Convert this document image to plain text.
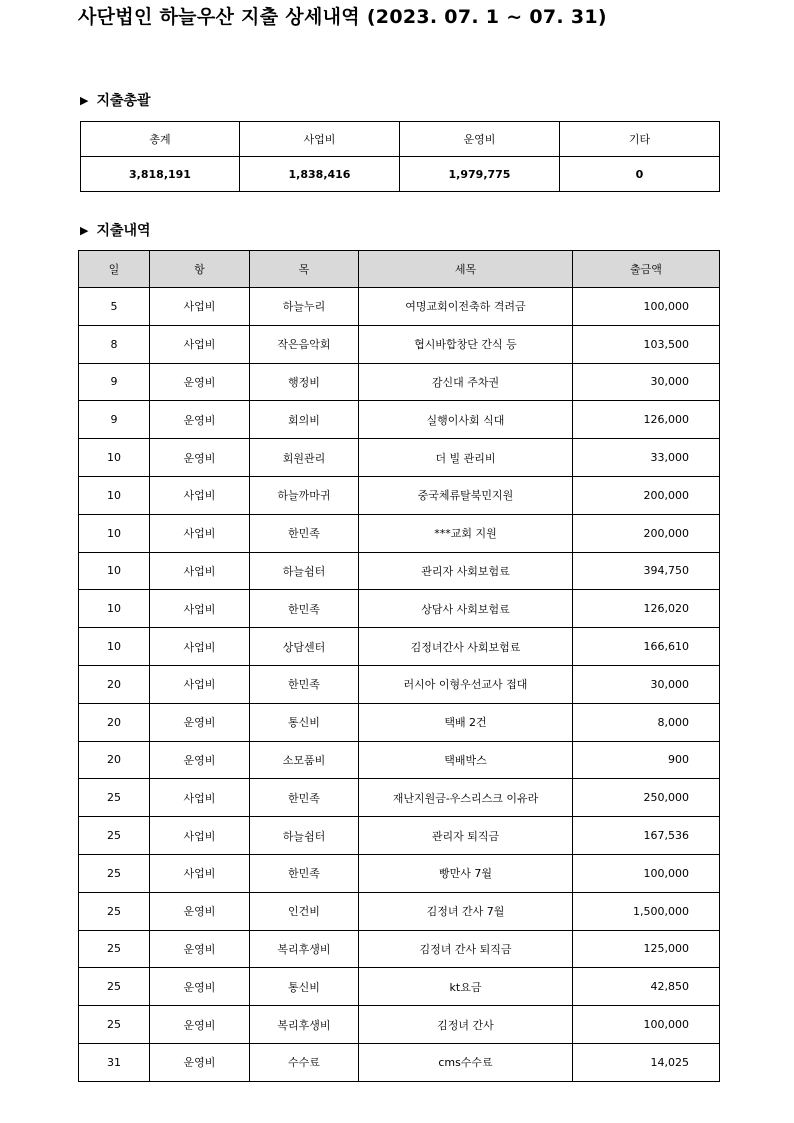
사단법인 하늘우산 지출 상세내역 (2023. 07. 1 ~ 07. 31)
▶ 지출총괄
총계	사업비	운영비	기타
3,818,191	1,838,416	1,979,775	0
▶ 지출내역
일	항	목	세목	출금액
5	사업비	하늘누리	여명교회이전축하 격려금	100,000
8	사업비	작은음악회	협시바합창단 간식 등	103,500
9	운영비	행정비	감신대 주차권	30,000
9	운영비	회의비	실행이사회 식대	126,000
10	운영비	회원관리	더 빌 관리비	33,000
10	사업비	하늘까마귀	중국체류탈북민지원	200,000
10	사업비	한민족	***교회 지원	200,000
10	사업비	하늘쉼터	관리자 사회보험료	394,750
10	사업비	한민족	상담사 사회보험료	126,020
10	사업비	상담센터	김정녀간사 사회보험료	166,610
20	사업비	한민족	러시아 이형우선교사 접대	30,000
20	운영비	통신비	택배 2건	8,000
20	운영비	소모품비	택배박스	900
25	사업비	한민족	재난지원금-우스리스크 이유라	250,000
25	사업비	하늘쉼터	관리자 퇴직금	167,536
25	사업비	한민족	빵만사 7월	100,000
25	운영비	인건비	김정녀 간사 7월	1,500,000
25	운영비	복리후생비	김정녀 간사 퇴직금	125,000
25	운영비	통신비	kt요금	42,850
25	운영비	복리후생비	김정녀 간사	100,000
31	운영비	수수료	cms수수료	14,025
